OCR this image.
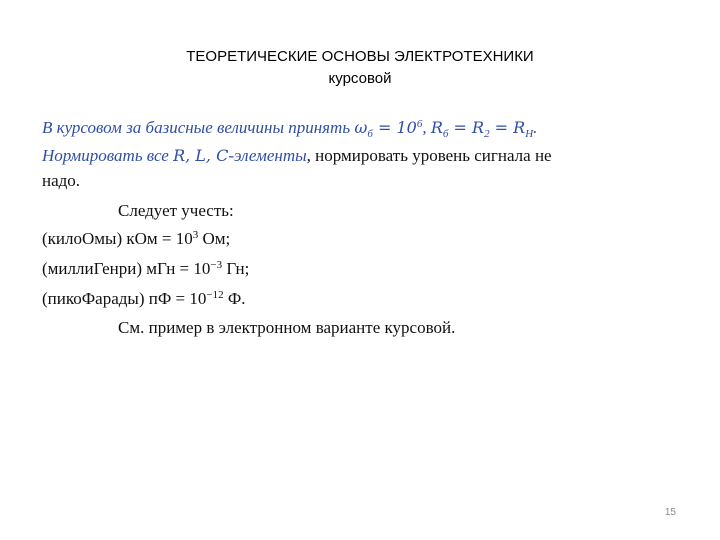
ТЕОРЕТИЧЕСКИЕ ОСНОВЫ ЭЛЕКТРОТЕХНИКИ
курсовой
В курсовом за базисные величины принять $\omega_б = 10^6$, $R_б = R_2 = R_Н$.
Нормировать все R, L, C-элементы, нормировать уровень сигнала не
надо.
Следует учесть:
(килоОмы) кОм = $10^3$ Ом;
(миллиГенри) мГн = $10^{-3}$ Гн;
(пикоФарады) пФ = $10^{-12}$ Ф.
См. пример в электронном варианте курсовой.
15
